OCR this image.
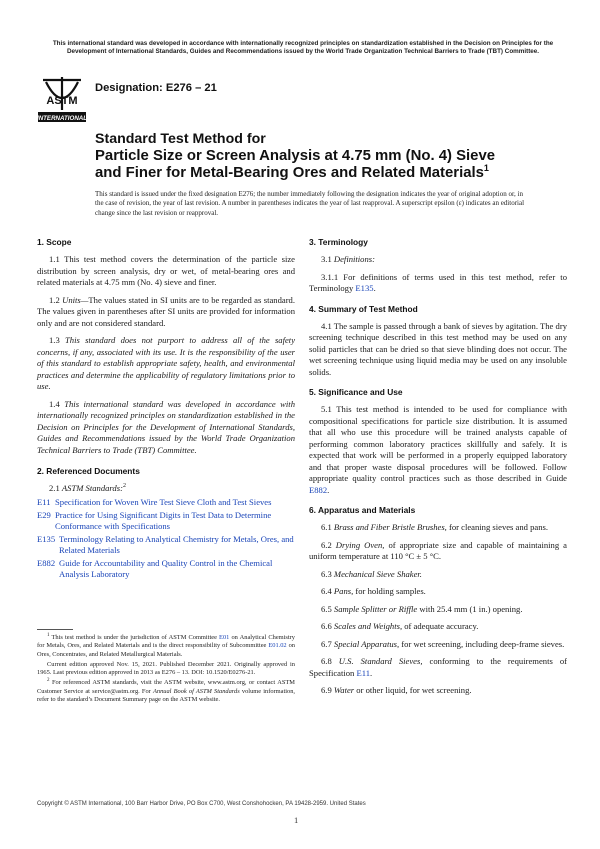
This international standard was developed in accordance with internationally recognized principles on standardization established in the Decision on Principles for the Development of International Standards, Guides and Recommendations issued by the World Trade Organization Technical Barriers to Trade (TBT) Committee.
ASTM
INTERNATIONAL
Designation: E276 – 21
Standard Test Method for
Particle Size or Screen Analysis at 4.75 mm (No. 4) Sieve
and Finer for Metal-Bearing Ores and Related Materials$^1$
This standard is issued under the fixed designation E276; the number immediately following the designation indicates the year of original adoption or, in the case of revision, the year of last revision. A number in parentheses indicates the year of last reapproval. A superscript epsilon (ε) indicates an editorial change since the last revision or reapproval.
1. Scope

1.1 This test method covers the determination of the particle size distribution by screen analysis, dry or wet, of metal-bearing ores and related materials at 4.75 mm (No. 4) sieve and finer.

1.2 Units—The values stated in SI units are to be regarded as standard. The values given in parentheses after SI units are provided for information only and are not considered standard.

1.3 This standard does not purport to address all of the safety concerns, if any, associated with its use. It is the responsibility of the user of this standard to establish appropriate safety, health, and environmental practices and determine the applicability of regulatory limitations prior to use.

1.4 This international standard was developed in accordance with internationally recognized principles on standardization established in the Decision on Principles for the Development of International Standards, Guides and Recommendations issued by the World Trade Organization Technical Barriers to Trade (TBT) Committee.

2. Referenced Documents

2.1 ASTM Standards:$^2$

E11 Specification for Woven Wire Test Sieve Cloth and Test Sieves
E29 Practice for Using Significant Digits in Test Data to Determine Conformance with Specifications
E135 Terminology Relating to Analytical Chemistry for Metals, Ores, and Related Materials
E882 Guide for Accountability and Quality Control in the Chemical Analysis Laboratory
$^1$ This test method is under the jurisdiction of ASTM Committee E01 on Analytical Chemistry for Metals, Ores, and Related Materials and is the direct responsibility of Subcommittee E01.02 on Ores, Concentrates, and Related Metallurgical Materials.
Current edition approved Nov. 15, 2021. Published December 2021. Originally approved in 1965. Last previous edition approved in 2013 as E276 – 13. DOI: 10.1520/E0276-21.
$^2$ For referenced ASTM standards, visit the ASTM website, www.astm.org, or contact ASTM Customer Service at service@astm.org. For Annual Book of ASTM Standards volume information, refer to the standard’s Document Summary page on the ASTM website.
3. Terminology

3.1 Definitions:

3.1.1 For definitions of terms used in this test method, refer to Terminology E135.

4. Summary of Test Method

4.1 The sample is passed through a bank of sieves by agitation. The dry screening technique described in this test method may be used on any solid particles that can be dried so that sieve blinding does not occur. The wet screening technique using liquid media may be used on any insoluble solids.

5. Significance and Use

5.1 This test method is intended to be used for compliance with compositional specifications for particle size distribution. It is assumed that all who use this procedure will be trained analysts capable of performing common laboratory practices skillfully and safely. It is expected that work will be performed in a properly equipped laboratory and that proper waste disposal procedures will be followed. Follow appropriate quality control practices such as those described in Guide E882.

6. Apparatus and Materials

6.1 Brass and Fiber Bristle Brushes, for cleaning sieves and pans.

6.2 Drying Oven, of appropriate size and capable of maintaining a uniform temperature at 110 °C ± 5 °C.

6.3 Mechanical Sieve Shaker.

6.4 Pans, for holding samples.

6.5 Sample Splitter or Riffle with 25.4 mm (1 in.) opening.

6.6 Scales and Weights, of adequate accuracy.

6.7 Special Apparatus, for wet screening, including deep-frame sieves.

6.8 U.S. Standard Sieves, conforming to the requirements of Specification E11.

6.9 Water or other liquid, for wet screening.

Copyright © ASTM International, 100 Barr Harbor Drive, PO Box C700, West Conshohocken, PA 19428-2959. United States
1
